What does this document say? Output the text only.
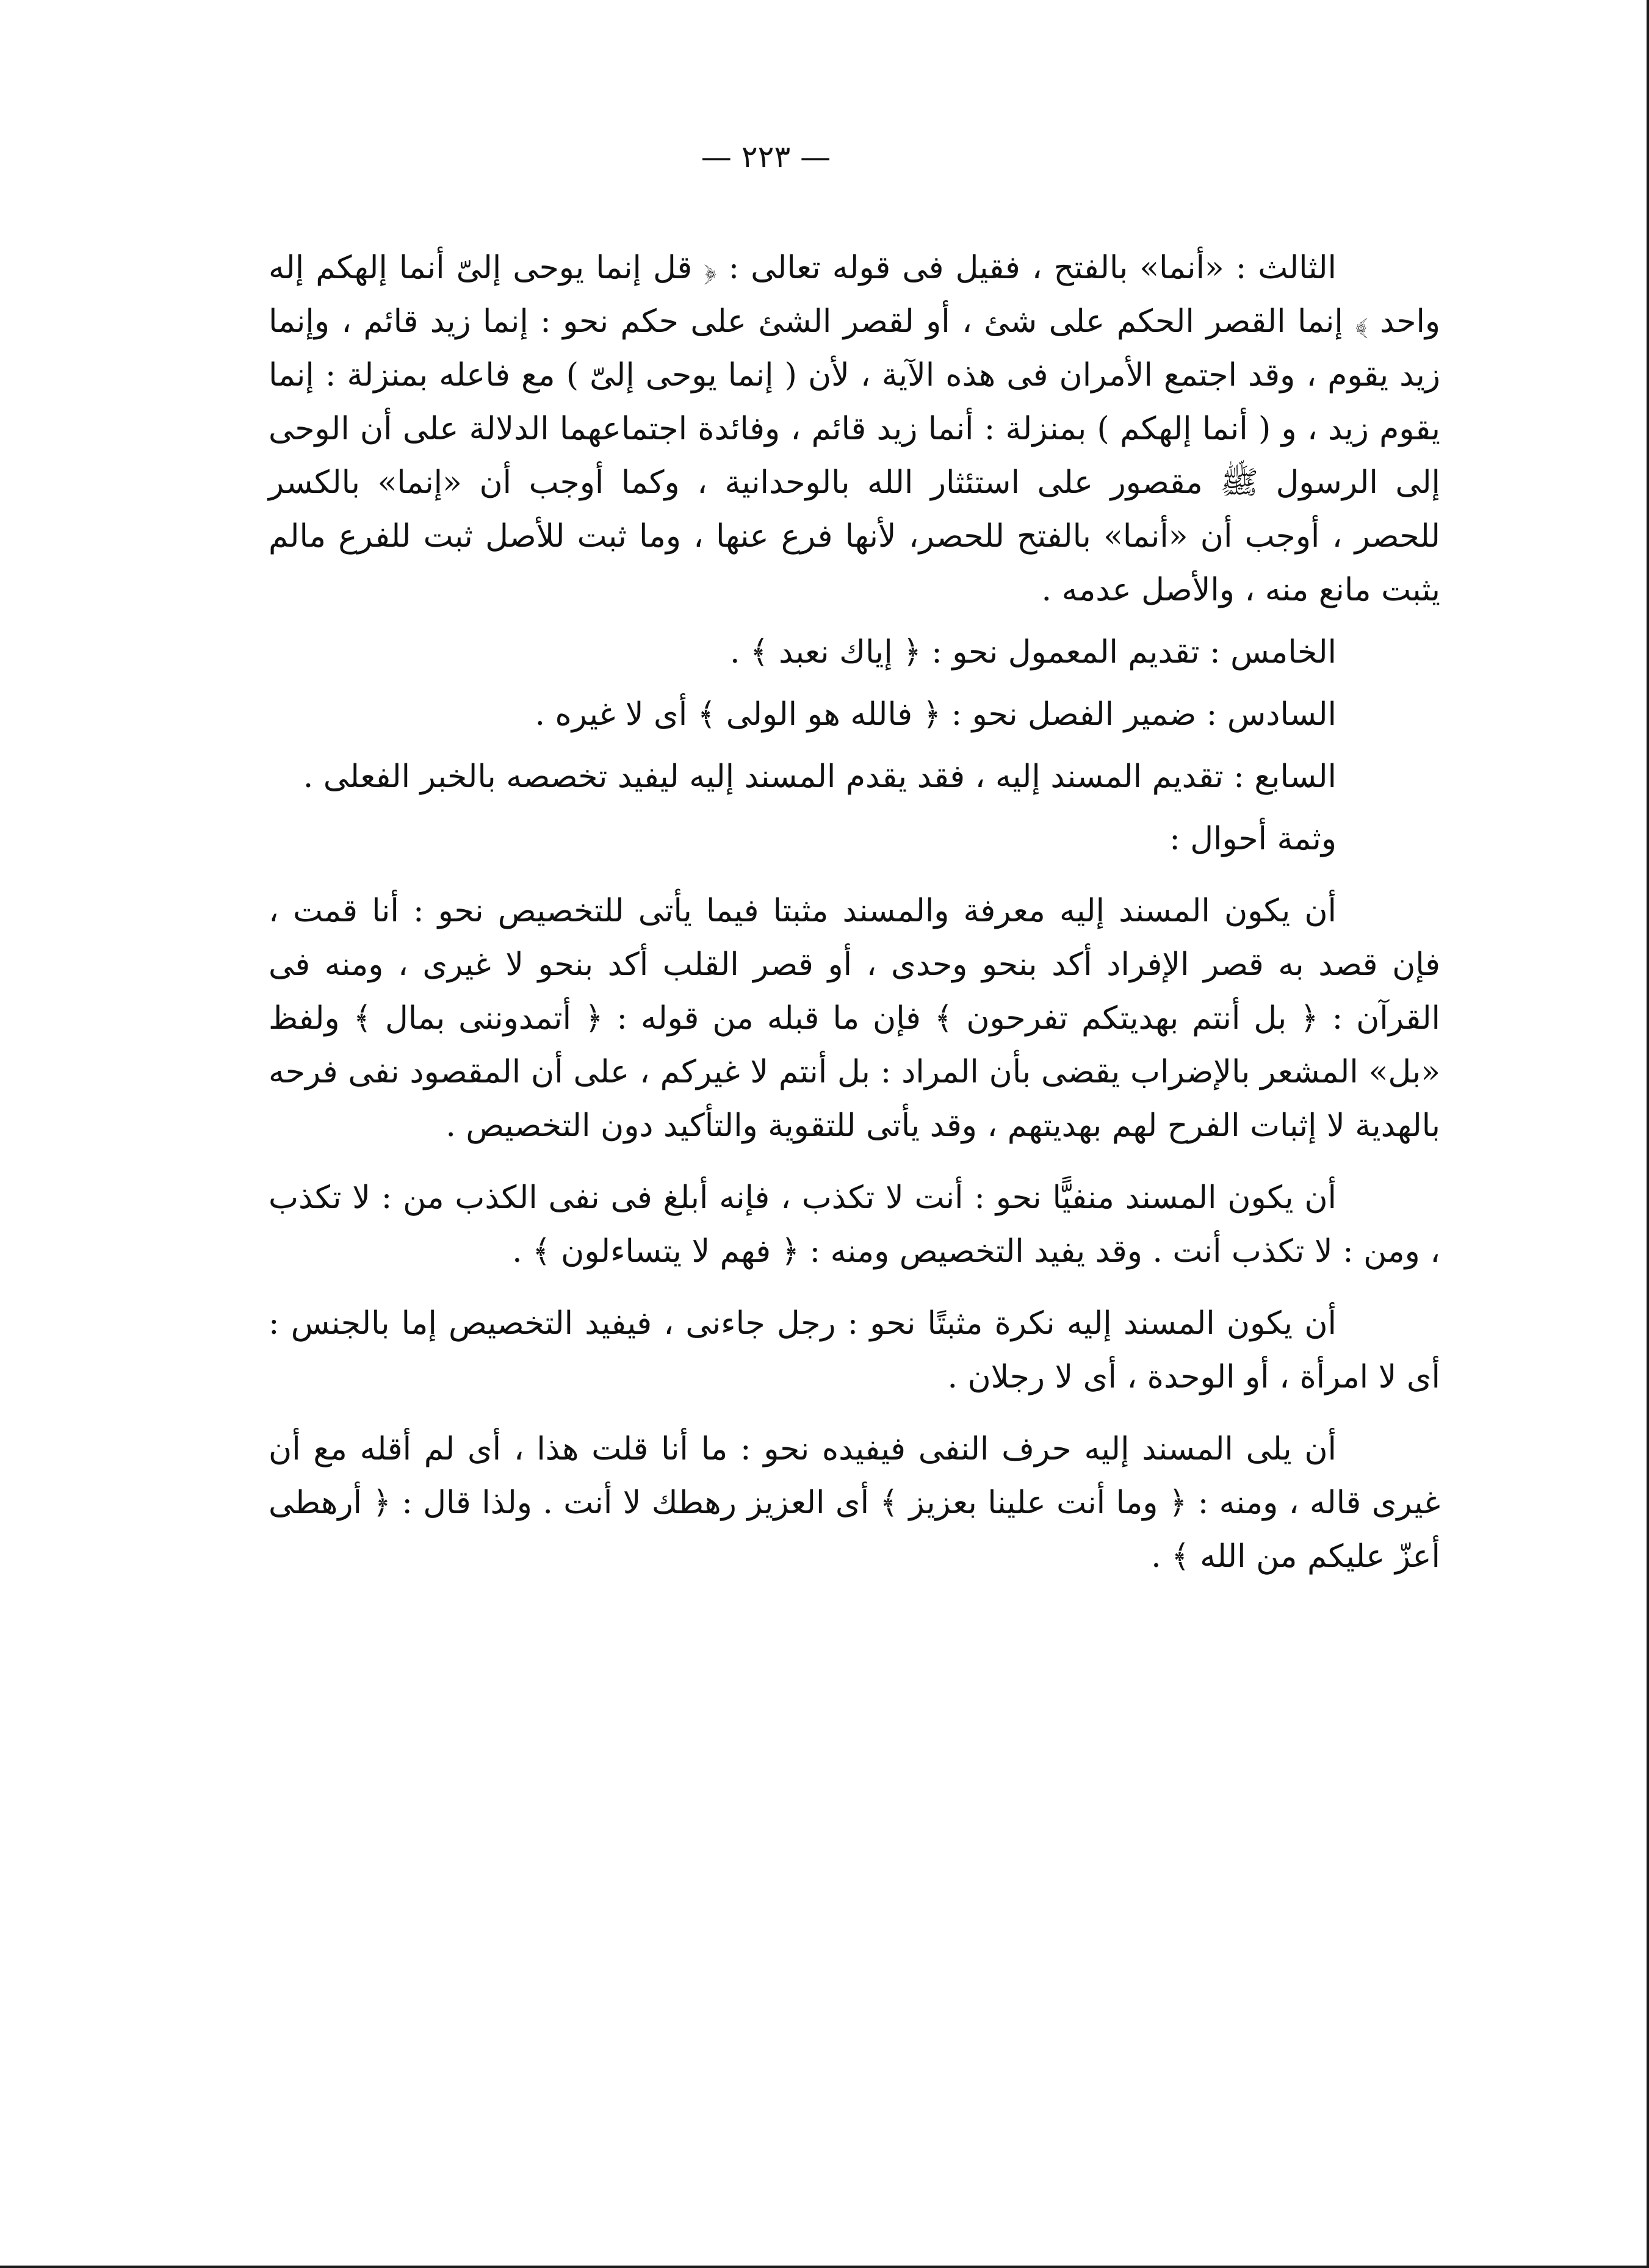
— ٢٢٣ —

الثالث : «أنما» بالفتح ، فقيل فى قوله تعالى : ﴿ قل إنما يوحى إلىّ أنما إلهكم إله واحد ﴾ إنما القصر الحكم على شئ ، أو لقصر الشئ على حكم نحو : إنما زيد قائم ، وإنما زيد يقوم ، وقد اجتمع الأمران فى هذه الآية ، لأن ( إنما يوحى إلىّ ) مع فاعله بمنزلة : إنما يقوم زيد ، و ( أنما إلهكم ) بمنزلة : أنما زيد قائم ، وفائدة اجتماعهما الدلالة على أن الوحى إلى الرسول ﷺ مقصور على استئثار الله بالوحدانية ، وكما أوجب أن «إنما» بالكسر للحصر ، أوجب أن «أنما» بالفتح للحصر، لأنها فرع عنها ، وما ثبت للأصل ثبت للفرع مالم يثبت مانع منه ، والأصل عدمه .

الخامس : تقديم المعمول نحو : ﴿ إياك نعبد ﴾ .

السادس : ضمير الفصل نحو : ﴿ فالله هو الولى ﴾ أى لا غيره .

السابع : تقديم المسند إليه ، فقد يقدم المسند إليه ليفيد تخصصه بالخبر الفعلى .

وثمة أحوال :

أن يكون المسند إليه معرفة والمسند مثبتا فيما يأتى للتخصيص نحو : أنا قمت ، فإن قصد به قصر الإفراد أكد بنحو وحدى ، أو قصر القلب أكد بنحو لا غيرى ، ومنه فى القرآن : ﴿ بل أنتم بهديتكم تفرحون ﴾ فإن ما قبله من قوله : ﴿ أتمدوننى بمال ﴾ ولفظ «بل» المشعر بالإضراب يقضى بأن المراد : بل أنتم لا غيركم ، على أن المقصود نفى فرحه بالهدية لا إثبات الفرح لهم بهديتهم ، وقد يأتى للتقوية والتأكيد دون التخصيص .

أن يكون المسند منفيًّا نحو : أنت لا تكذب ، فإنه أبلغ فى نفى الكذب من : لا تكذب ، ومن : لا تكذب أنت . وقد يفيد التخصيص ومنه : ﴿ فهم لا يتساءلون ﴾ .

أن يكون المسند إليه نكرة مثبتًا نحو : رجل جاءنى ، فيفيد التخصيص إما بالجنس : أى لا امرأة ، أو الوحدة ، أى لا رجلان .

أن يلى المسند إليه حرف النفى فيفيده نحو : ما أنا قلت هذا ، أى لم أقله مع أن غيرى قاله ، ومنه : ﴿ وما أنت علينا بعزيز ﴾ أى العزيز رهطك لا أنت . ولذا قال : ﴿ أرهطى أعزّ عليكم من الله ﴾ .
